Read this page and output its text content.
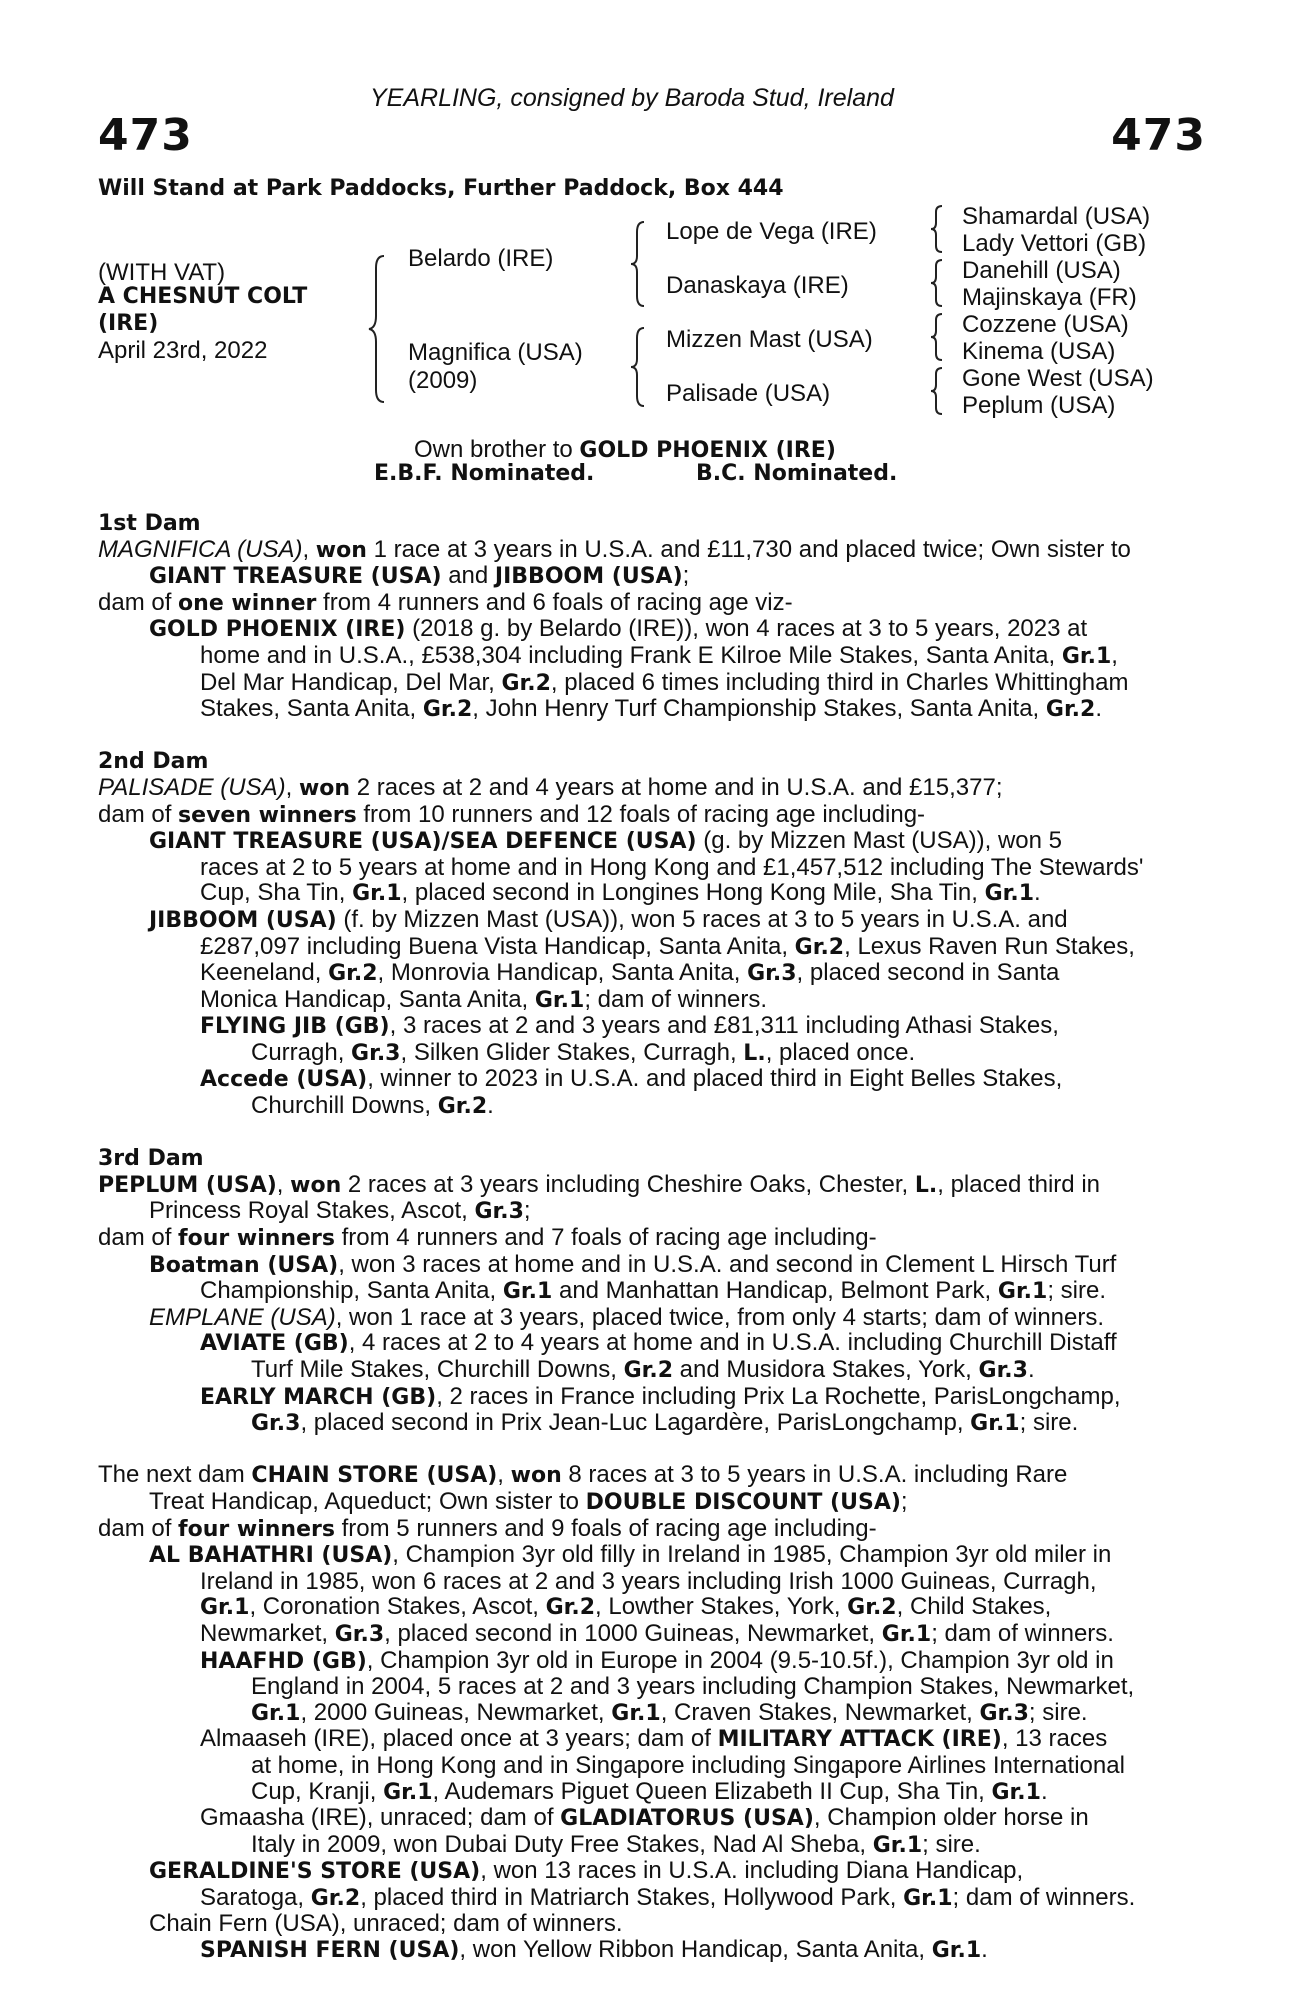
YEARLING, consigned by Baroda Stud, Ireland
473	473
Will Stand at Park Paddocks, Further Paddock, Box 444
(WITH VAT)
A CHESNUT COLT
(IRE)
April 23rd, 2022
Belardo (IRE)
Magnifica (USA)
(2009)
Lope de Vega (IRE)
Danaskaya (IRE)
Mizzen Mast (USA)
Palisade (USA)
Shamardal (USA)
Lady Vettori (GB)
Danehill (USA)
Majinskaya (FR)
Cozzene (USA)
Kinema (USA)
Gone West (USA)
Peplum (USA)
Own brother to GOLD PHOENIX (IRE)
E.B.F. Nominated.	B.C. Nominated.
1st Dam
MAGNIFICA (USA), won 1 race at 3 years in U.S.A. and £11,730 and placed twice; Own sister to
GIANT TREASURE (USA) and JIBBOOM (USA);
dam of one winner from 4 runners and 6 foals of racing age viz-
GOLD PHOENIX (IRE) (2018 g. by Belardo (IRE)), won 4 races at 3 to 5 years, 2023 at
home and in U.S.A., £538,304 including Frank E Kilroe Mile Stakes, Santa Anita, Gr.1,
Del Mar Handicap, Del Mar, Gr.2, placed 6 times including third in Charles Whittingham
Stakes, Santa Anita, Gr.2, John Henry Turf Championship Stakes, Santa Anita, Gr.2.
2nd Dam
PALISADE (USA), won 2 races at 2 and 4 years at home and in U.S.A. and £15,377;
dam of seven winners from 10 runners and 12 foals of racing age including-
GIANT TREASURE (USA)/SEA DEFENCE (USA) (g. by Mizzen Mast (USA)), won 5
races at 2 to 5 years at home and in Hong Kong and £1,457,512 including The Stewards'
Cup, Sha Tin, Gr.1, placed second in Longines Hong Kong Mile, Sha Tin, Gr.1.
JIBBOOM (USA) (f. by Mizzen Mast (USA)), won 5 races at 3 to 5 years in U.S.A. and
£287,097 including Buena Vista Handicap, Santa Anita, Gr.2, Lexus Raven Run Stakes,
Keeneland, Gr.2, Monrovia Handicap, Santa Anita, Gr.3, placed second in Santa
Monica Handicap, Santa Anita, Gr.1; dam of winners.
FLYING JIB (GB), 3 races at 2 and 3 years and £81,311 including Athasi Stakes,
Curragh, Gr.3, Silken Glider Stakes, Curragh, L., placed once.
Accede (USA), winner to 2023 in U.S.A. and placed third in Eight Belles Stakes,
Churchill Downs, Gr.2.
3rd Dam
PEPLUM (USA), won 2 races at 3 years including Cheshire Oaks, Chester, L., placed third in
Princess Royal Stakes, Ascot, Gr.3;
dam of four winners from 4 runners and 7 foals of racing age including-
Boatman (USA), won 3 races at home and in U.S.A. and second in Clement L Hirsch Turf
Championship, Santa Anita, Gr.1 and Manhattan Handicap, Belmont Park, Gr.1; sire.
EMPLANE (USA), won 1 race at 3 years, placed twice, from only 4 starts; dam of winners.
AVIATE (GB), 4 races at 2 to 4 years at home and in U.S.A. including Churchill Distaff
Turf Mile Stakes, Churchill Downs, Gr.2 and Musidora Stakes, York, Gr.3.
EARLY MARCH (GB), 2 races in France including Prix La Rochette, ParisLongchamp,
Gr.3, placed second in Prix Jean-Luc Lagardère, ParisLongchamp, Gr.1; sire.
The next dam CHAIN STORE (USA), won 8 races at 3 to 5 years in U.S.A. including Rare
Treat Handicap, Aqueduct; Own sister to DOUBLE DISCOUNT (USA);
dam of four winners from 5 runners and 9 foals of racing age including-
AL BAHATHRI (USA), Champion 3yr old filly in Ireland in 1985, Champion 3yr old miler in
Ireland in 1985, won 6 races at 2 and 3 years including Irish 1000 Guineas, Curragh,
Gr.1, Coronation Stakes, Ascot, Gr.2, Lowther Stakes, York, Gr.2, Child Stakes,
Newmarket, Gr.3, placed second in 1000 Guineas, Newmarket, Gr.1; dam of winners.
HAAFHD (GB), Champion 3yr old in Europe in 2004 (9.5-10.5f.), Champion 3yr old in
England in 2004, 5 races at 2 and 3 years including Champion Stakes, Newmarket,
Gr.1, 2000 Guineas, Newmarket, Gr.1, Craven Stakes, Newmarket, Gr.3; sire.
Almaaseh (IRE), placed once at 3 years; dam of MILITARY ATTACK (IRE), 13 races
at home, in Hong Kong and in Singapore including Singapore Airlines International
Cup, Kranji, Gr.1, Audemars Piguet Queen Elizabeth II Cup, Sha Tin, Gr.1.
Gmaasha (IRE), unraced; dam of GLADIATORUS (USA), Champion older horse in
Italy in 2009, won Dubai Duty Free Stakes, Nad Al Sheba, Gr.1; sire.
GERALDINE'S STORE (USA), won 13 races in U.S.A. including Diana Handicap,
Saratoga, Gr.2, placed third in Matriarch Stakes, Hollywood Park, Gr.1; dam of winners.
Chain Fern (USA), unraced; dam of winners.
SPANISH FERN (USA), won Yellow Ribbon Handicap, Santa Anita, Gr.1.
